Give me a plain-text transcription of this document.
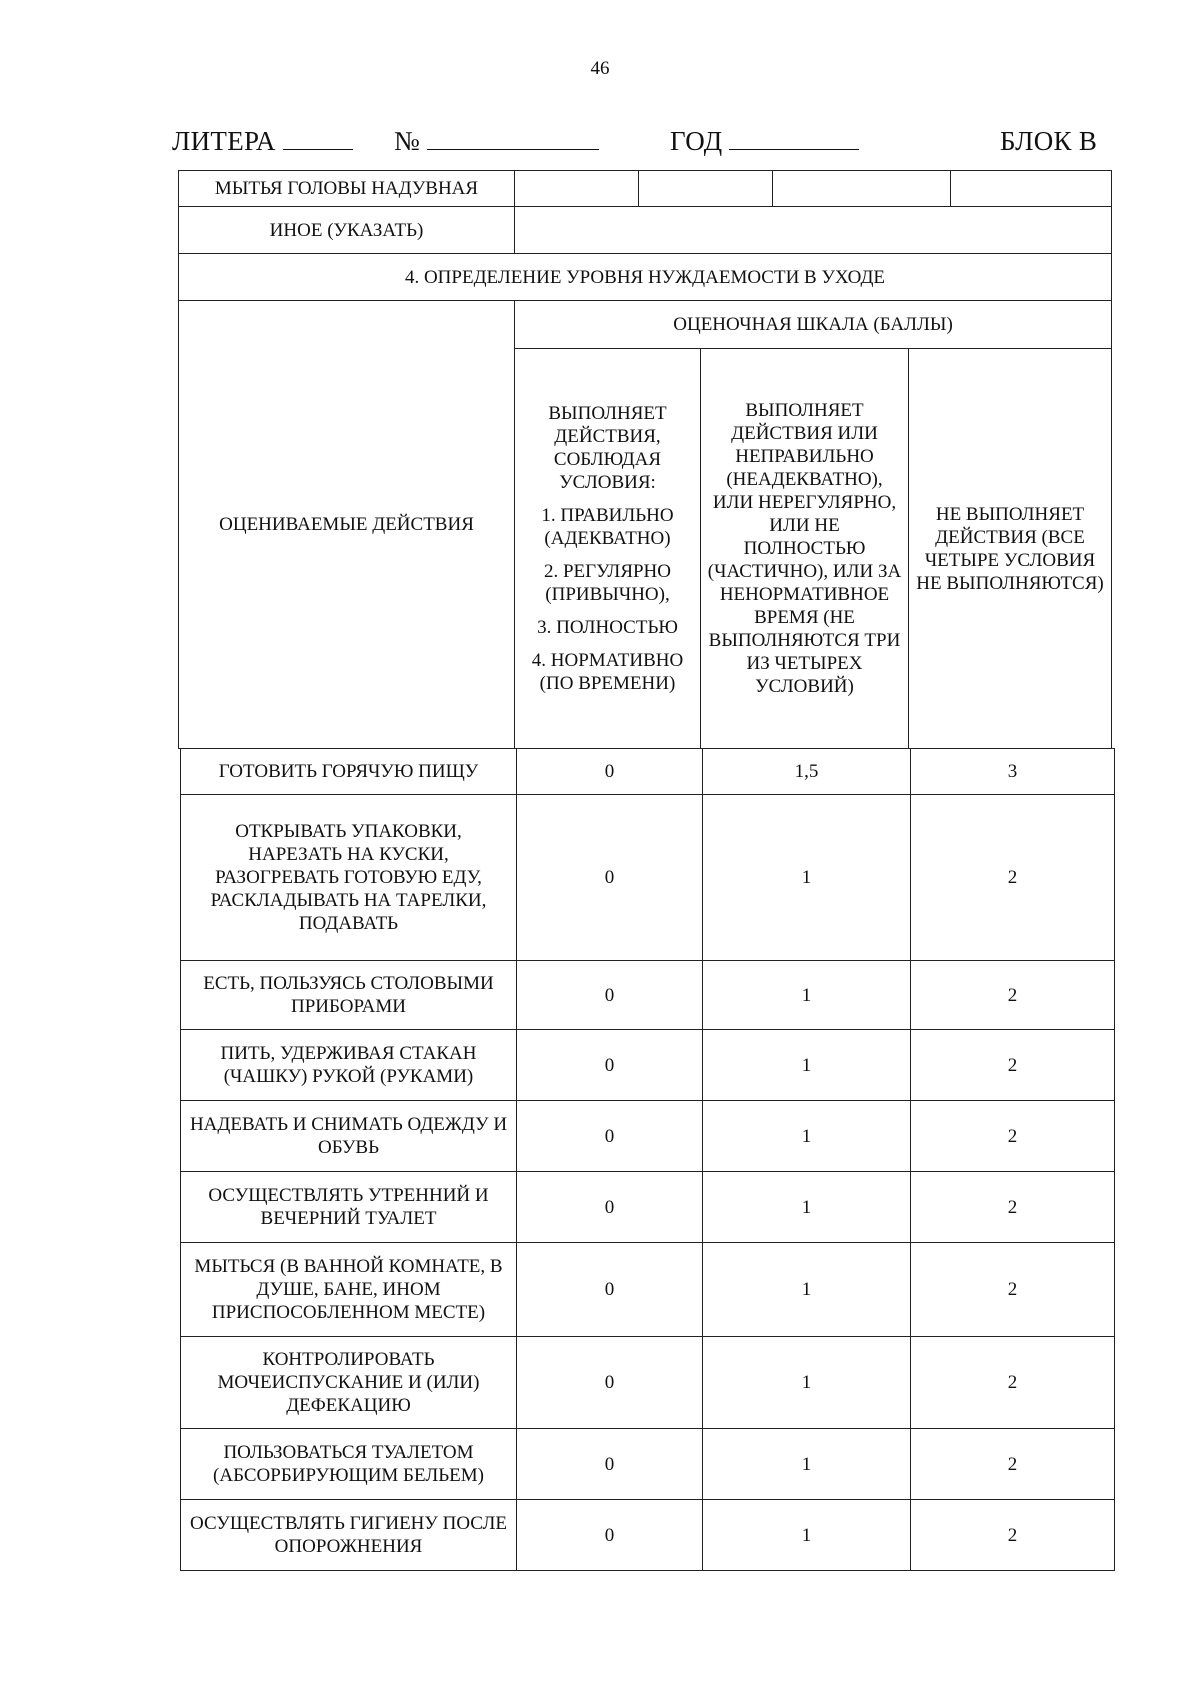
46
ЛИТЕРА	№	ГОД	БЛОК В
МЫТЬЯ ГОЛОВЫ НАДУВНАЯ				
ИНОЕ (УКАЗАТЬ)				
4. ОПРЕДЕЛЕНИЕ УРОВНЯ НУЖДАЕМОСТИ В УХОДЕ				
ОЦЕНИВАЕМЫЕ ДЕЙСТВИЯ	ОЦЕНОЧНАЯ ШКАЛА (БАЛЛЫ)		

	ВЫПОЛНЯЕТ ДЕЙСТВИЯ, СОБЛЮДАЯ УСЛОВИЯ:

1. ПРАВИЛЬНО (АДЕКВАТНО)

2. РЕГУЛЯРНО (ПРИВЫЧНО),

3. ПОЛНОСТЬЮ

4. НОРМАТИВНО (ПО ВРЕМЕНИ)	ВЫПОЛНЯЕТ ДЕЙСТВИЯ ИЛИ НЕПРАВИЛЬНО (НЕАДЕКВАТНО), ИЛИ НЕРЕГУЛЯРНО, ИЛИ НЕ ПОЛНОСТЬЮ (ЧАСТИЧНО), ИЛИ ЗА НЕНОРМАТИВНОЕ ВРЕМЯ (НЕ ВЫПОЛНЯЮТСЯ ТРИ ИЗ ЧЕТЫРЕХ УСЛОВИЙ)	НЕ ВЫПОЛНЯЕТ ДЕЙСТВИЯ (ВСЕ ЧЕТЫРЕ УСЛОВИЯ НЕ ВЫПОЛНЯЮТСЯ)
ГОТОВИТЬ ГОРЯЧУЮ ПИЩУ	0	1,5	3
ОТКРЫВАТЬ УПАКОВКИ, НАРЕЗАТЬ НА КУСКИ, РАЗОГРЕВАТЬ ГОТОВУЮ ЕДУ, РАСКЛАДЫВАТЬ НА ТАРЕЛКИ, ПОДАВАТЬ	0	1	2
ЕСТЬ, ПОЛЬЗУЯСЬ СТОЛОВЫМИ ПРИБОРАМИ	0	1	2
ПИТЬ, УДЕРЖИВАЯ СТАКАН (ЧАШКУ) РУКОЙ (РУКАМИ)	0	1	2
НАДЕВАТЬ И СНИМАТЬ ОДЕЖДУ И ОБУВЬ	0	1	2
ОСУЩЕСТВЛЯТЬ УТРЕННИЙ И ВЕЧЕРНИЙ ТУАЛЕТ	0	1	2
МЫТЬСЯ (В ВАННОЙ КОМНАТЕ, В ДУШЕ, БАНЕ, ИНОМ ПРИСПОСОБЛЕННОМ МЕСТЕ)	0	1	2
КОНТРОЛИРОВАТЬ МОЧЕИСПУСКАНИЕ И (ИЛИ) ДЕФЕКАЦИЮ	0	1	2
ПОЛЬЗОВАТЬСЯ ТУАЛЕТОМ (АБСОРБИРУЮЩИМ БЕЛЬЕМ)	0	1	2
ОСУЩЕСТВЛЯТЬ ГИГИЕНУ ПОСЛЕ ОПОРОЖНЕНИЯ	0	1	2
